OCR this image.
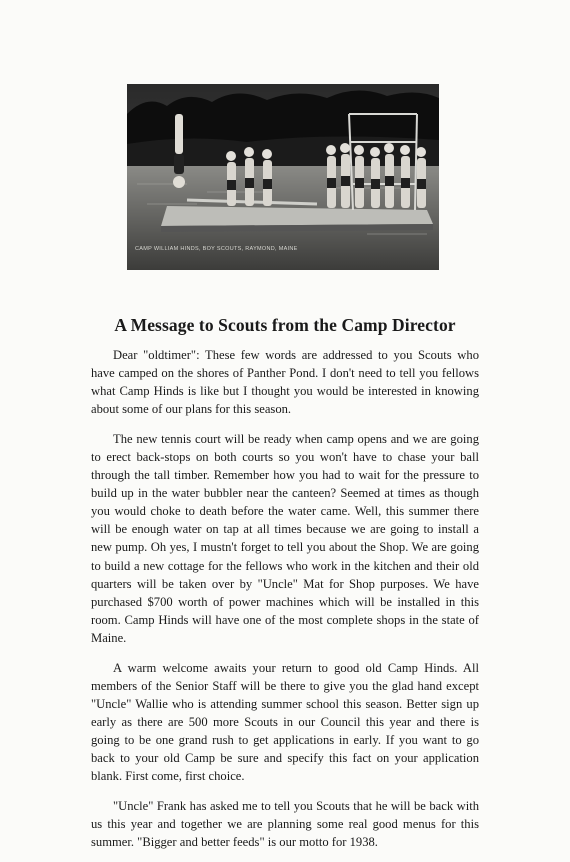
CAMP WILLIAM HINDS, BOY SCOUTS, RAYMOND, MAINE
A Message to Scouts from the Camp Director

Dear "oldtimer": These few words are addressed to you Scouts who have camped on the shores of Panther Pond. I don't need to tell you fellows what Camp Hinds is like but I thought you would be interested in knowing about some of our plans for this season.

The new tennis court will be ready when camp opens and we are going to erect back-stops on both courts so you won't have to chase your ball through the tall timber. Remember how you had to wait for the pressure to build up in the water bubbler near the canteen? Seemed at times as though you would choke to death before the water came. Well, this summer there will be enough water on tap at all times because we are going to install a new pump. Oh yes, I mustn't forget to tell you about the Shop. We are going to build a new cottage for the fellows who work in the kitchen and their old quarters will be taken over by "Uncle" Mat for Shop purposes. We have purchased $700 worth of power machines which will be installed in this room. Camp Hinds will have one of the most complete shops in the state of Maine.

A warm welcome awaits your return to good old Camp Hinds. All members of the Senior Staff will be there to give you the glad hand except "Uncle" Wallie who is attending summer school this season. Better sign up early as there are 500 more Scouts in our Council this year and there is going to be one grand rush to get applications in early. If you want to go back to your old Camp be sure and specify this fact on your application blank. First come, first choice.

"Uncle" Frank has asked me to tell you Scouts that he will be back with us this year and together we are planning some real good menus for this summer. "Bigger and better feeds" is our motto for 1938.
